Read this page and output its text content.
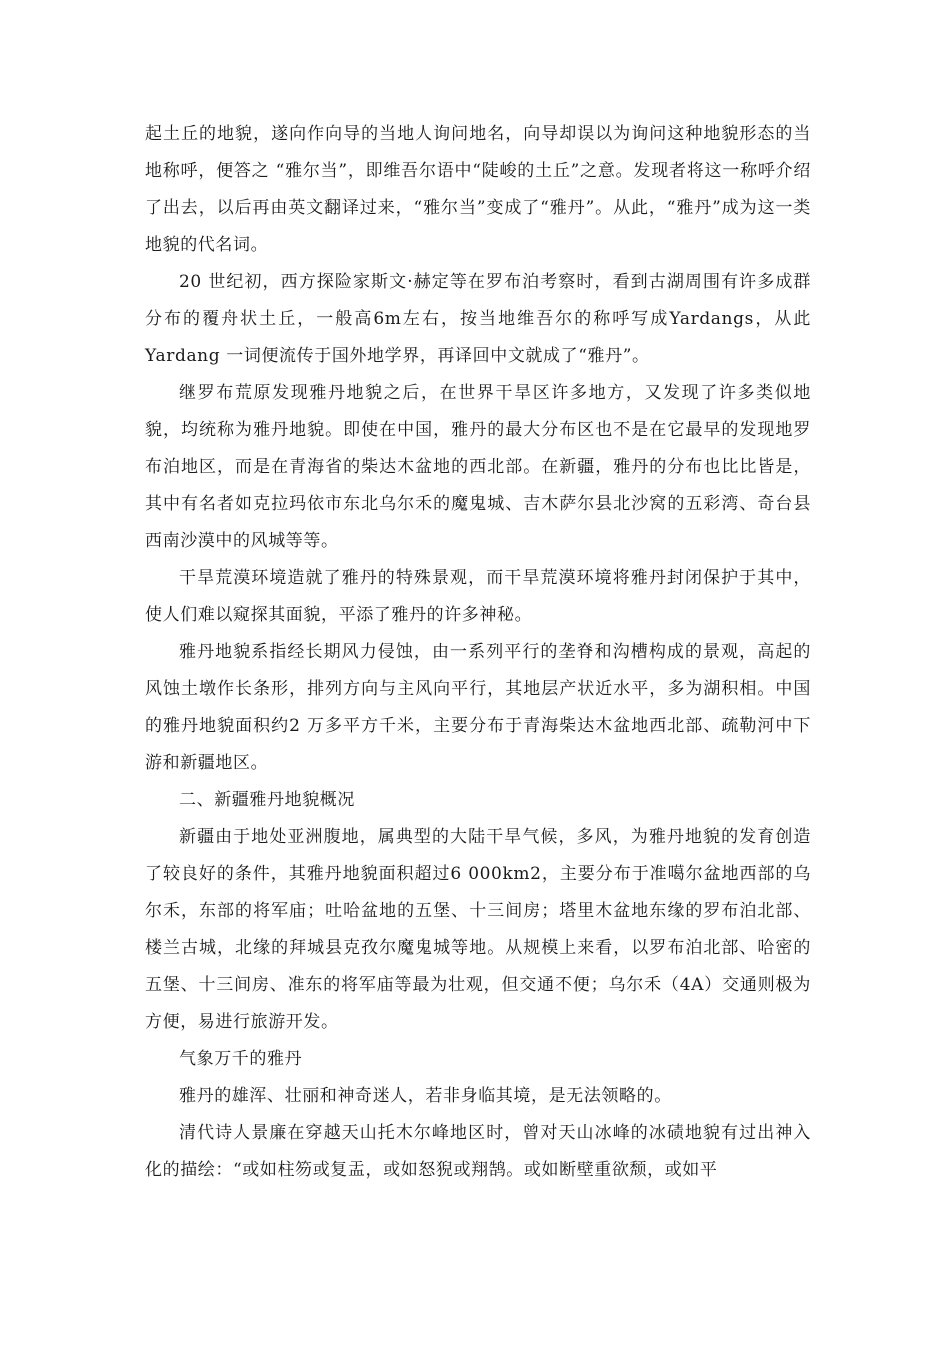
起土丘的地貌，遂向作向导的当地人询问地名，向导却误以为询问这种地貌形态的当地称呼，便答之 “雅尔当”，即维吾尔语中“陡峻的土丘”之意。发现者将这一称呼介绍了出去，以后再由英文翻译过来，“雅尔当”变成了“雅丹”。从此，“雅丹”成为这一类地貌的代名词。

20 世纪初，西方探险家斯文·赫定等在罗布泊考察时，看到古湖周围有许多成群分布的覆舟状土丘，一般高6m左右，按当地维吾尔的称呼写成Yardangs，从此Yardang 一词便流传于国外地学界，再译回中文就成了“雅丹”。

继罗布荒原发现雅丹地貌之后，在世界干旱区许多地方，又发现了许多类似地貌，均统称为雅丹地貌。即使在中国，雅丹的最大分布区也不是在它最早的发现地罗布泊地区，而是在青海省的柴达木盆地的西北部。在新疆，雅丹的分布也比比皆是，其中有名者如克拉玛依市东北乌尔禾的魔鬼城、吉木萨尔县北沙窝的五彩湾、奇台县西南沙漠中的风城等等。

干旱荒漠环境造就了雅丹的特殊景观，而干旱荒漠环境将雅丹封闭保护于其中，使人们难以窥探其面貌，平添了雅丹的许多神秘。

雅丹地貌系指经长期风力侵蚀，由一系列平行的垄脊和沟槽构成的景观，高起的风蚀土墩作长条形，排列方向与主风向平行，其地层产状近水平，多为湖积相。中国的雅丹地貌面积约2 万多平方千米，主要分布于青海柴达木盆地西北部、疏勒河中下游和新疆地区。

二、新疆雅丹地貌概况

新疆由于地处亚洲腹地，属典型的大陆干旱气候，多风，为雅丹地貌的发育创造了较良好的条件，其雅丹地貌面积超过6 000km2，主要分布于准噶尔盆地西部的乌尔禾，东部的将军庙；吐哈盆地的五堡、十三间房；塔里木盆地东缘的罗布泊北部、楼兰古城，北缘的拜城县克孜尔魔鬼城等地。从规模上来看，以罗布泊北部、哈密的五堡、十三间房、准东的将军庙等最为壮观，但交通不便；乌尔禾（4A）交通则极为方便，易进行旅游开发。

气象万千的雅丹

雅丹的雄浑、壮丽和神奇迷人，若非身临其境，是无法领略的。

清代诗人景廉在穿越天山托木尔峰地区时，曾对天山冰峰的冰碛地貌有过出神入化的描绘：“或如柱笏或复盂，或如怒猊或翔鹄。或如断壁重欲颓，或如平
